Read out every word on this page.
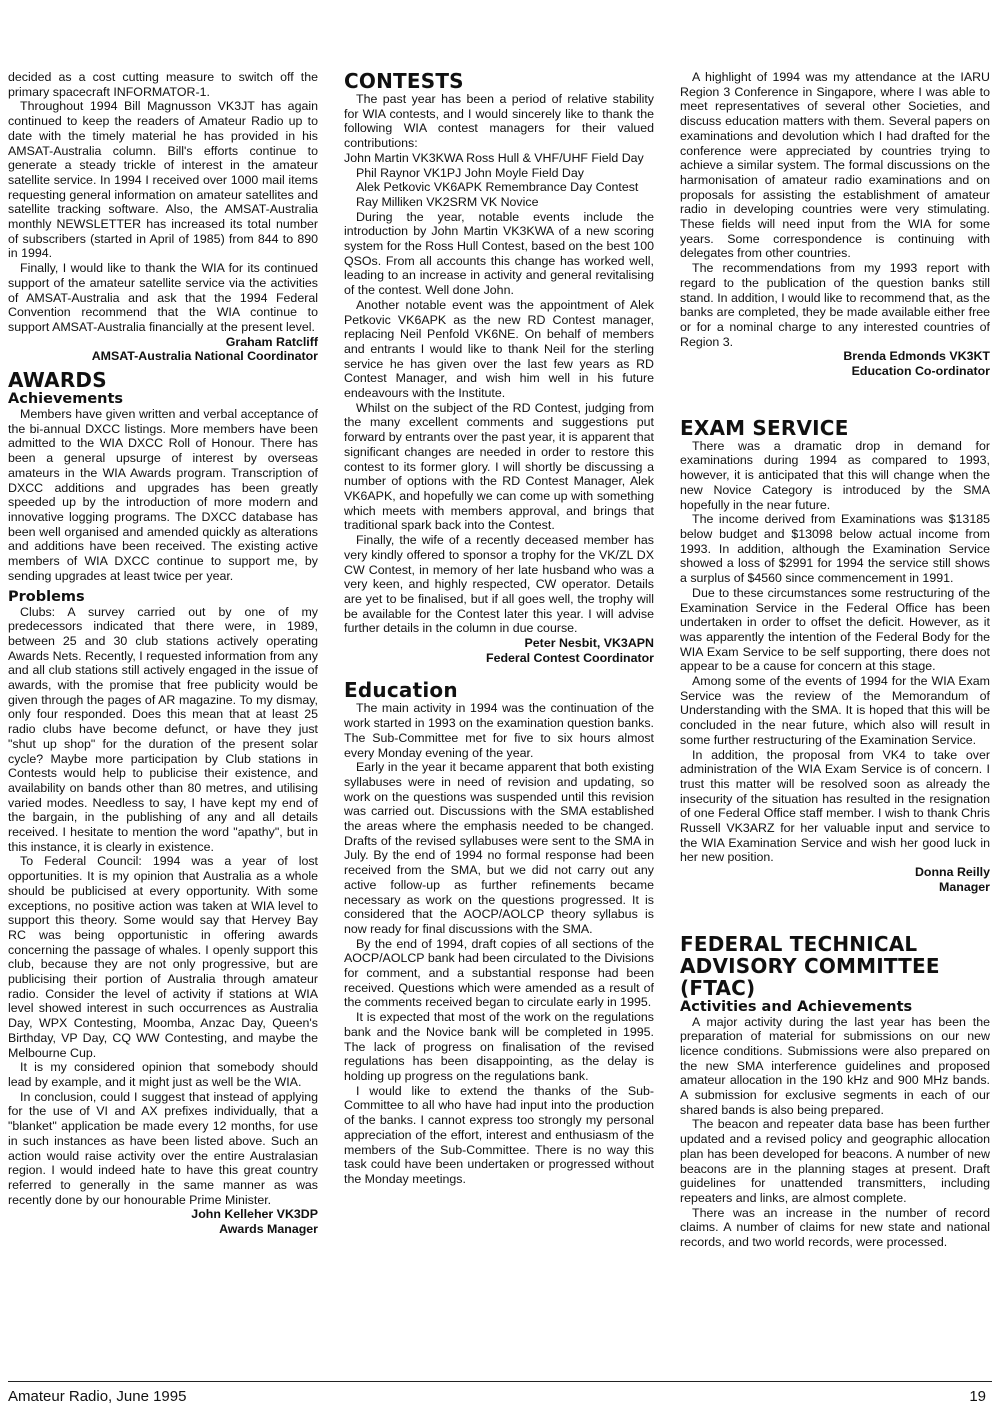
decided as a cost cutting measure to switch off the primary spacecraft INFORMATOR-1.

Throughout 1994 Bill Magnusson VK3JT has again continued to keep the readers of Amateur Radio up to date with the timely material he has provided in his AMSAT-Australia column. Bill's efforts continue to generate a steady trickle of interest in the amateur satellite service. In 1994 I received over 1000 mail items requesting general information on amateur satellites and satellite tracking software. Also, the AMSAT-Australia monthly NEWSLETTER has increased its total number of subscribers (started in April of 1985) from 844 to 890 in 1994.

Finally, I would like to thank the WIA for its continued support of the amateur satellite service via the activities of AMSAT-Australia and ask that the 1994 Federal Convention recommend that the WIA continue to support AMSAT-Australia financially at the present level.

Graham Ratcliff

AMSAT-Australia National Coordinator

AWARDS
Achievements

Members have given written and verbal acceptance of the bi-annual DXCC listings. More members have been admitted to the WIA DXCC Roll of Honour. There has been a general upsurge of interest by overseas amateurs in the WIA Awards program. Transcription of DXCC additions and upgrades has been greatly speeded up by the introduction of more modern and innovative logging programs. The DXCC database has been well organised and amended quickly as alterations and additions have been received. The existing active members of WIA DXCC continue to support me, by sending upgrades at least twice per year.

Problems

Clubs: A survey carried out by one of my predecessors indicated that there were, in 1989, between 25 and 30 club stations actively operating Awards Nets. Recently, I requested information from any and all club stations still actively engaged in the issue of awards, with the promise that free publicity would be given through the pages of AR magazine. To my dismay, only four responded. Does this mean that at least 25 radio clubs have become defunct, or have they just "shut up shop" for the duration of the present solar cycle? Maybe more participation by Club stations in Contests would help to publicise their existence, and availability on bands other than 80 metres, and utilising varied modes. Needless to say, I have kept my end of the bargain, in the publishing of any and all details received. I hesitate to mention the word "apathy", but in this instance, it is clearly in existence.

To Federal Council: 1994 was a year of lost opportunities. It is my opinion that Australia as a whole should be publicised at every opportunity. With some exceptions, no positive action was taken at WIA level to support this theory. Some would say that Hervey Bay RC was being opportunistic in offering awards concerning the passage of whales. I openly support this club, because they are not only progressive, but are publicising their portion of Australia through amateur radio. Consider the level of activity if stations at WIA level showed interest in such occurrences as Australia Day, WPX Contesting, Moomba, Anzac Day, Queen's Birthday, VP Day, CQ WW Contesting, and maybe the Melbourne Cup.

It is my considered opinion that somebody should lead by example, and it might just as well be the WIA.

In conclusion, could I suggest that instead of applying for the use of VI and AX prefixes individually, that a "blanket" application be made every 12 months, for use in such instances as have been listed above. Such an action would raise activity over the entire Australasian region. I would indeed hate to have this great country referred to generally in the same manner as was recently done by our honourable Prime Minister.

John Kelleher VK3DP

Awards Manager

CONTESTS

The past year has been a period of relative stability for WIA contests, and I would sincerely like to thank the following WIA contest managers for their valued contributions:

John Martin VK3KWA Ross Hull & VHF/UHF Field Day

Phil Raynor VK1PJ John Moyle Field Day

Alek Petkovic VK6APK Remembrance Day Contest

Ray Milliken VK2SRM VK Novice

During the year, notable events include the introduction by John Martin VK3KWA of a new scoring system for the Ross Hull Contest, based on the best 100 QSOs. From all accounts this change has worked well, leading to an increase in activity and general revitalising of the contest. Well done John.

Another notable event was the appointment of Alek Petkovic VK6APK as the new RD Contest manager, replacing Neil Penfold VK6NE. On behalf of members and entrants I would like to thank Neil for the sterling service he has given over the last few years as RD Contest Manager, and wish him well in his future endeavours with the Institute.

Whilst on the subject of the RD Contest, judging from the many excellent comments and suggestions put forward by entrants over the past year, it is apparent that significant changes are needed in order to restore this contest to its former glory. I will shortly be discussing a number of options with the RD Contest Manager, Alek VK6APK, and hopefully we can come up with something which meets with members approval, and brings that traditional spark back into the Contest.

Finally, the wife of a recently deceased member has very kindly offered to sponsor a trophy for the VK/ZL DX CW Contest, in memory of her late husband who was a very keen, and highly respected, CW operator. Details are yet to be finalised, but if all goes well, the trophy will be available for the Contest later this year. I will advise further details in the column in due course.

Peter Nesbit, VK3APN

Federal Contest Coordinator

Education

The main activity in 1994 was the continuation of the work started in 1993 on the examination question banks. The Sub-Committee met for five to six hours almost every Monday evening of the year.

Early in the year it became apparent that both existing syllabuses were in need of revision and updating, so work on the questions was suspended until this revision was carried out. Discussions with the SMA established the areas where the emphasis needed to be changed. Drafts of the revised syllabuses were sent to the SMA in July. By the end of 1994 no formal response had been received from the SMA, but we did not carry out any active follow-up as further refinements became necessary as work on the questions progressed. It is considered that the AOCP/AOLCP theory syllabus is now ready for final discussions with the SMA.

By the end of 1994, draft copies of all sections of the AOCP/AOLCP bank had been circulated to the Divisions for comment, and a substantial response had been received. Questions which were amended as a result of the comments received began to circulate early in 1995.

It is expected that most of the work on the regulations bank and the Novice bank will be completed in 1995. The lack of progress on finalisation of the revised regulations has been disappointing, as the delay is holding up progress on the regulations bank.

I would like to extend the thanks of the Sub-Committee to all who have had input into the production of the banks. I cannot express too strongly my personal appreciation of the effort, interest and enthusiasm of the members of the Sub-Committee. There is no way this task could have been undertaken or progressed without the Monday meetings.

A highlight of 1994 was my attendance at the IARU Region 3 Conference in Singapore, where I was able to meet representatives of several other Societies, and discuss education matters with them. Several papers on examinations and devolution which I had drafted for the conference were appreciated by countries trying to achieve a similar system. The formal discussions on the harmonisation of amateur radio examinations and on proposals for assisting the establishment of amateur radio in developing countries were very stimulating. These fields will need input from the WIA for some years. Some correspondence is continuing with delegates from other countries.

The recommendations from my 1993 report with regard to the publication of the question banks still stand. In addition, I would like to recommend that, as the banks are completed, they be made available either free or for a nominal charge to any interested countries of Region 3.

Brenda Edmonds VK3KT

Education Co-ordinator

EXAM SERVICE

There was a dramatic drop in demand for examinations during 1994 as compared to 1993, however, it is anticipated that this will change when the new Novice Category is introduced by the SMA hopefully in the near future.

The income derived from Examinations was $13185 below budget and $13098 below actual income from 1993. In addition, although the Examination Service showed a loss of $2991 for 1994 the service still shows a surplus of $4560 since commencement in 1991.

Due to these circumstances some restructuring of the Examination Service in the Federal Office has been undertaken in order to offset the deficit. However, as it was apparently the intention of the Federal Body for the WIA Exam Service to be self supporting, there does not appear to be a cause for concern at this stage.

Among some of the events of 1994 for the WIA Exam Service was the review of the Memorandum of Understanding with the SMA. It is hoped that this will be concluded in the near future, which also will result in some further restructuring of the Examination Service.

In addition, the proposal from VK4 to take over administration of the WIA Exam Service is of concern. I trust this matter will be resolved soon as already the insecurity of the situation has resulted in the resignation of one Federal Office staff member. I wish to thank Chris Russell VK3ARZ for her valuable input and service to the WIA Examination Service and wish her good luck in her new position.

Donna Reilly

Manager

FEDERAL TECHNICAL ADVISORY COMMITTEE (FTAC)
Activities and Achievements

A major activity during the last year has been the preparation of material for submissions on our new licence conditions. Submissions were also prepared on the new SMA interference guidelines and proposed amateur allocation in the 190 kHz and 900 MHz bands. A submission for exclusive segments in each of our shared bands is also being prepared.

The beacon and repeater data base has been further updated and a revised policy and geographic allocation plan has been developed for beacons. A number of new beacons are in the planning stages at present. Draft guidelines for unattended transmitters, including repeaters and links, are almost complete.

There was an increase in the number of record claims. A number of claims for new state and national records, and two world records, were processed.

Amateur Radio, June 1995	19
